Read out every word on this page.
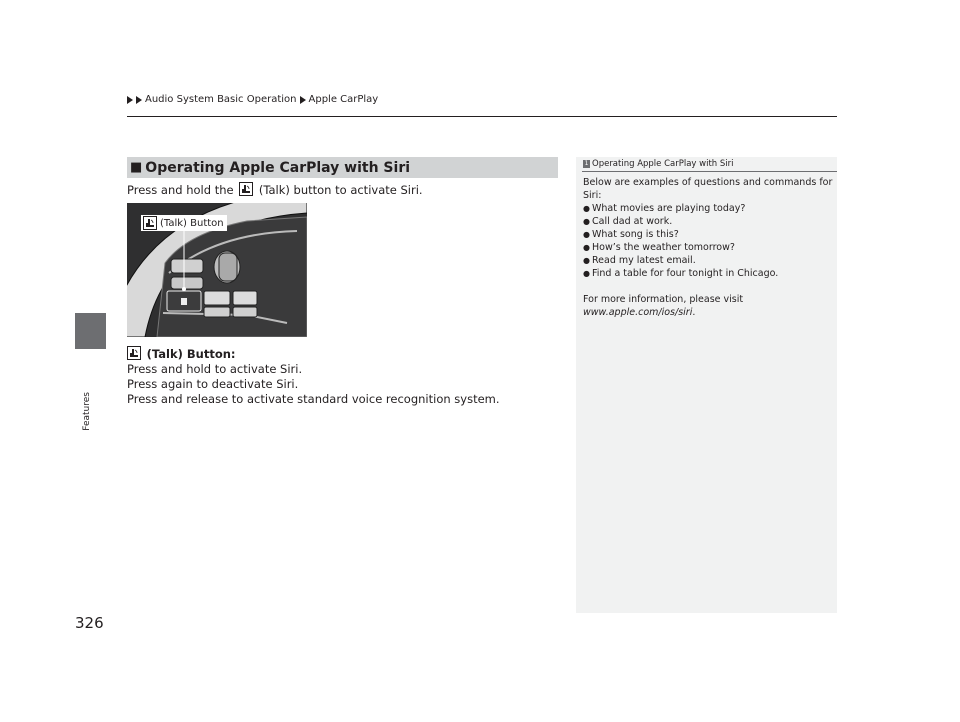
Audio System Basic Operation Apple CarPlay
Features
■ Operating Apple CarPlay with Siri
Press and hold the
(Talk) button to activate Siri.
(Talk) Button
(Talk) Button:
Press and hold to activate Siri.
Press again to deactivate Siri.
Press and release to activate standard voice recognition system.
1 Operating Apple CarPlay with Siri
Below are examples of questions and commands for Siri:
● What movies are playing today?
● Call dad at work.
● What song is this?
● How’s the weather tomorrow?
● Read my latest email.
● Find a table for four tonight in Chicago.
For more information, please visit
www.apple.com/ios/siri.
326
